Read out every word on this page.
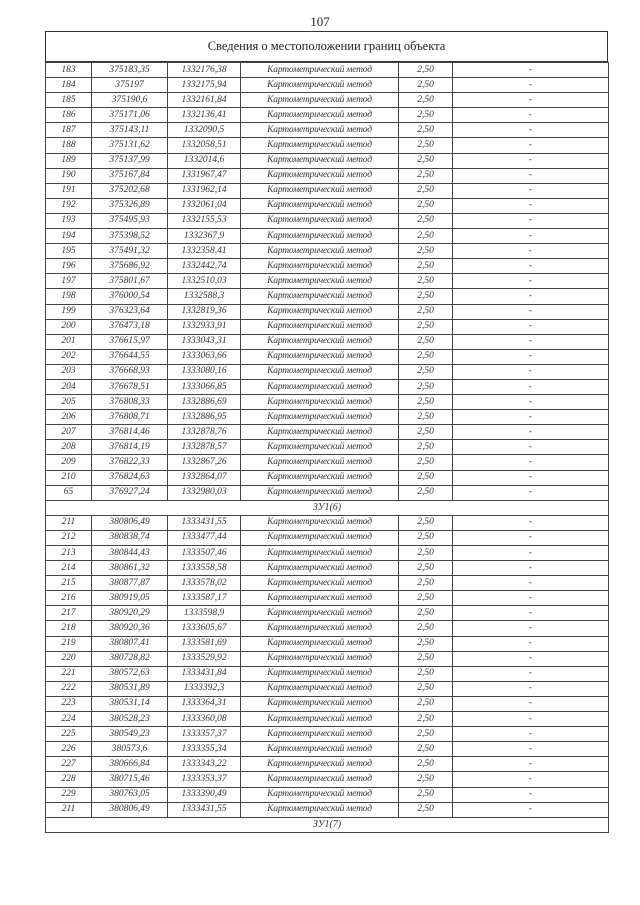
107
Сведения о местоположении границ объекта
183	375183,35	1332176,38	Картометрический метод	2,50	-
184	375197	1332175,94	Картометрический метод	2,50	-
185	375190,6	1332161,84	Картометрический метод	2,50	-
186	375171,06	1332136,41	Картометрический метод	2,50	-
187	375143,11	1332090,5	Картометрический метод	2,50	-
188	375131,62	1332058,51	Картометрический метод	2,50	-
189	375137,99	1332014,6	Картометрический метод	2,50	-
190	375167,84	1331967,47	Картометрический метод	2,50	-
191	375202,68	1331962,14	Картометрический метод	2,50	-
192	375326,89	1332061,04	Картометрический метод	2,50	-
193	375495,93	1332155,53	Картометрический метод	2,50	-
194	375398,52	1332367,9	Картометрический метод	2,50	-
195	375491,32	1332358,41	Картометрический метод	2,50	-
196	375686,92	1332442,74	Картометрический метод	2,50	-
197	375801,67	1332510,03	Картометрический метод	2,50	-
198	376000,54	1332588,3	Картометрический метод	2,50	-
199	376323,64	1332819,36	Картометрический метод	2,50	-
200	376473,18	1332933,91	Картометрический метод	2,50	-
201	376615,97	1333043,31	Картометрический метод	2,50	-
202	376644,55	1333063,66	Картометрический метод	2,50	-
203	376668,93	1333080,16	Картометрический метод	2,50	-
204	376678,51	1333066,85	Картометрический метод	2,50	-
205	376808,33	1332886,69	Картометрический метод	2,50	-
206	376808,71	1332886,95	Картометрический метод	2,50	-
207	376814,46	1332878,76	Картометрический метод	2,50	-
208	376814,19	1332878,57	Картометрический метод	2,50	-
209	376822,33	1332867,26	Картометрический метод	2,50	-
210	376824,63	1332864,07	Картометрический метод	2,50	-
65	376927,24	1332980,03	Картометрический метод	2,50	-
ЗУ1(6)					
211	380806,49	1333431,55	Картометрический метод	2,50	-
212	380838,74	1333477,44	Картометрический метод	2,50	-
213	380844,43	1333507,46	Картометрический метод	2,50	-
214	380861,32	1333558,58	Картометрический метод	2,50	-
215	380877,87	1333578,02	Картометрический метод	2,50	-
216	380919,05	1333587,17	Картометрический метод	2,50	-
217	380920,29	1333598,9	Картометрический метод	2,50	-
218	380920,36	1333605,67	Картометрический метод	2,50	-
219	380807,41	1333581,69	Картометрический метод	2,50	-
220	380728,82	1333529,92	Картометрический метод	2,50	-
221	380572,63	1333431,84	Картометрический метод	2,50	-
222	380531,89	1333392,3	Картометрический метод	2,50	-
223	380531,14	1333364,31	Картометрический метод	2,50	-
224	380528,23	1333360,08	Картометрический метод	2,50	-
225	380549,23	1333357,37	Картометрический метод	2,50	-
226	380573,6	1333355,34	Картометрический метод	2,50	-
227	380666,84	1333343,22	Картометрический метод	2,50	-
228	380715,46	1333353,37	Картометрический метод	2,50	-
229	380763,05	1333390,49	Картометрический метод	2,50	-
211	380806,49	1333431,55	Картометрический метод	2,50	-
ЗУ1(7)					
